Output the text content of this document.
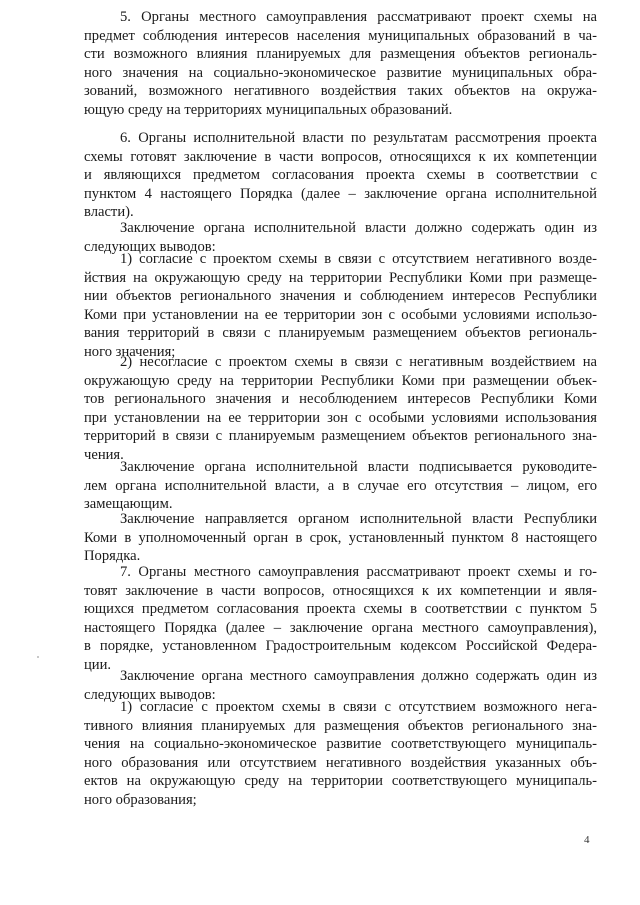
5. Органы местного самоуправления рассматривают проект схемы на
предмет соблюдения интересов населения муниципальных образований в ча-
сти возможного влияния планируемых для размещения объектов региональ-
ного значения на социально-экономическое развитие муниципальных обра-
зований, возможного негативного воздействия таких объектов на окружа-
ющую среду на территориях муниципальных образований.
6. Органы исполнительной власти по результатам рассмотрения проекта
схемы готовят заключение в части вопросов, относящихся к их компетенции
и являющихся предметом согласования проекта схемы в соответствии с
пунктом 4 настоящего Порядка (далее – заключение органа исполнительной
власти).
Заключение органа исполнительной власти должно содержать один из
следующих выводов:
1) согласие с проектом схемы в связи с отсутствием негативного возде-
йствия на окружающую среду на территории Республики Коми при размеще-
нии объектов регионального значения и соблюдением интересов Республики
Коми при установлении на ее территории зон с особыми условиями использо-
вания территорий в связи с планируемым размещением объектов региональ-
ного значения;
2) несогласие с проектом схемы в связи с негативным воздействием на
окружающую среду на территории Республики Коми при размещении объек-
тов регионального значения и несоблюдением интересов Республики Коми
при установлении на ее территории зон с особыми условиями использования
территорий в связи с планируемым размещением объектов регионального зна-
чения.
Заключение органа исполнительной власти подписывается руководите-
лем органа исполнительной власти, а в случае его отсутствия – лицом, его
замещающим.
Заключение направляется органом исполнительной власти Республики
Коми в уполномоченный орган в срок, установленный пунктом 8 настоящего
Порядка.
7. Органы местного самоуправления рассматривают проект схемы и го-
товят заключение в части вопросов, относящихся к их компетенции и явля-
ющихся предметом согласования проекта схемы в соответствии с пунктом 5
настоящего Порядка (далее – заключение органа местного самоуправления),
в порядке, установленном Градостроительным кодексом Российской Федера-
ции.
Заключение органа местного самоуправления должно содержать один из
следующих выводов:
1) согласие с проектом схемы в связи с отсутствием возможного нега-
тивного влияния планируемых для размещения объектов регионального зна-
чения на социально-экономическое развитие соответствующего муниципаль-
ного образования или отсутствием негативного воздействия указанных объ-
ектов на окружающую среду на территории соответствующего муниципаль-
ного образования;
4
